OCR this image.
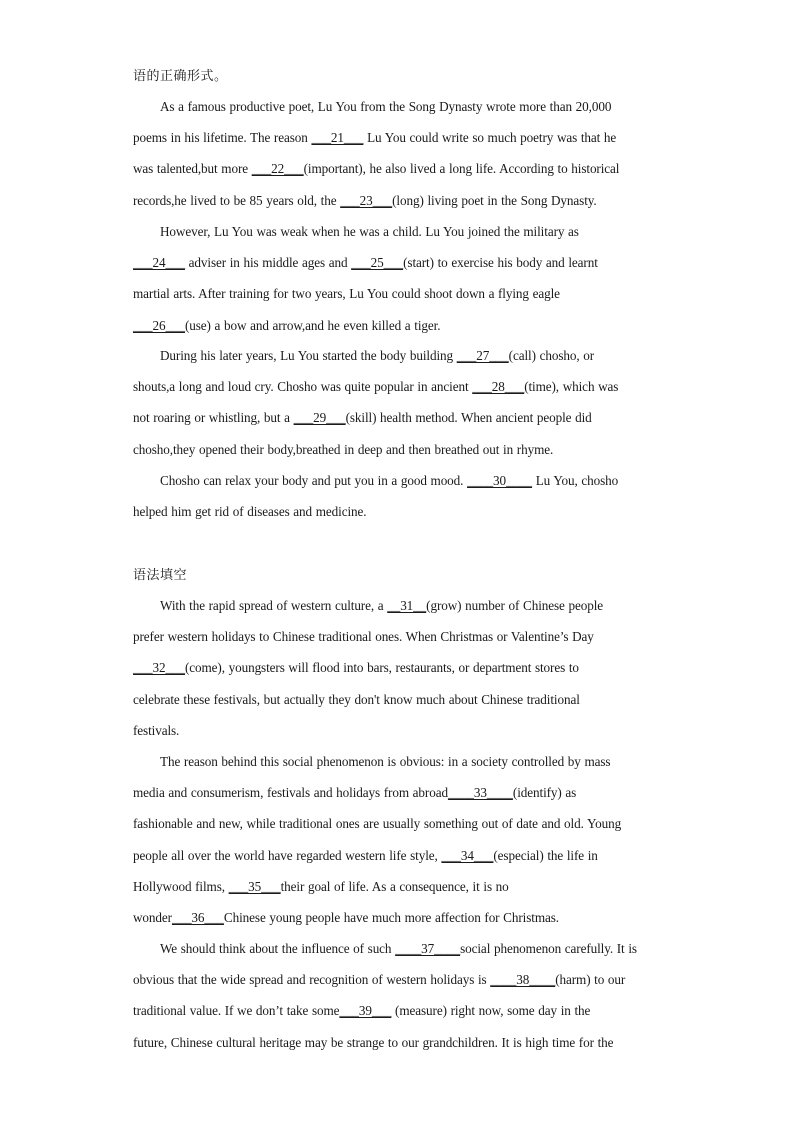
语的正确形式。
As a famous productive poet, Lu You from the Song Dynasty wrote more than 20,000
poems in his lifetime. The reason ___21___ Lu You could write so much poetry was that he
was talented,but more ___22___(important), he also lived a long life. According to historical
records,he lived to be 85 years old, the ___23___(long) living poet in the Song Dynasty.
However, Lu You was weak when he was a child. Lu You joined the military as
___24___ adviser in his middle ages and ___25___(start) to exercise his body and learnt
martial arts. After training for two years, Lu You could shoot down a flying eagle
___26___(use) a bow and arrow,and he even killed a tiger.
During his later years, Lu You started the body building ___27___(call) chosho, or
shouts,a long and loud cry. Chosho was quite popular in ancient ___28___(time), which was
not roaring or whistling, but a ___29___(skill) health method. When ancient people did
chosho,they opened their body,breathed in deep and then breathed out in rhyme.
Chosho can relax your body and put you in a good mood. ____30____ Lu You, chosho
helped him get rid of diseases and medicine.
语法填空
With the rapid spread of western culture, a __31__(grow) number of Chinese people
prefer western holidays to Chinese traditional ones. When Christmas or Valentine’s Day
___32___(come), youngsters will flood into bars, restaurants, or department stores to
celebrate these festivals, but actually they don't know much about Chinese traditional
festivals.
The reason behind this social phenomenon is obvious: in a society controlled by mass
media and consumerism, festivals and holidays from abroad____33____(identify) as
fashionable and new, while traditional ones are usually something out of date and old. Young
people all over the world have regarded western life style, ___34___(especial) the life in
Hollywood films, ___35___their goal of life. As a consequence, it is no
wonder___36___Chinese young people have much more affection for Christmas.
We should think about the influence of such ____37____social phenomenon carefully. It is
obvious that the wide spread and recognition of western holidays is ____38____(harm) to our
traditional value. If we don’t take some___39___ (measure) right now, some day in the
future, Chinese cultural heritage may be strange to our grandchildren. It is high time for the
